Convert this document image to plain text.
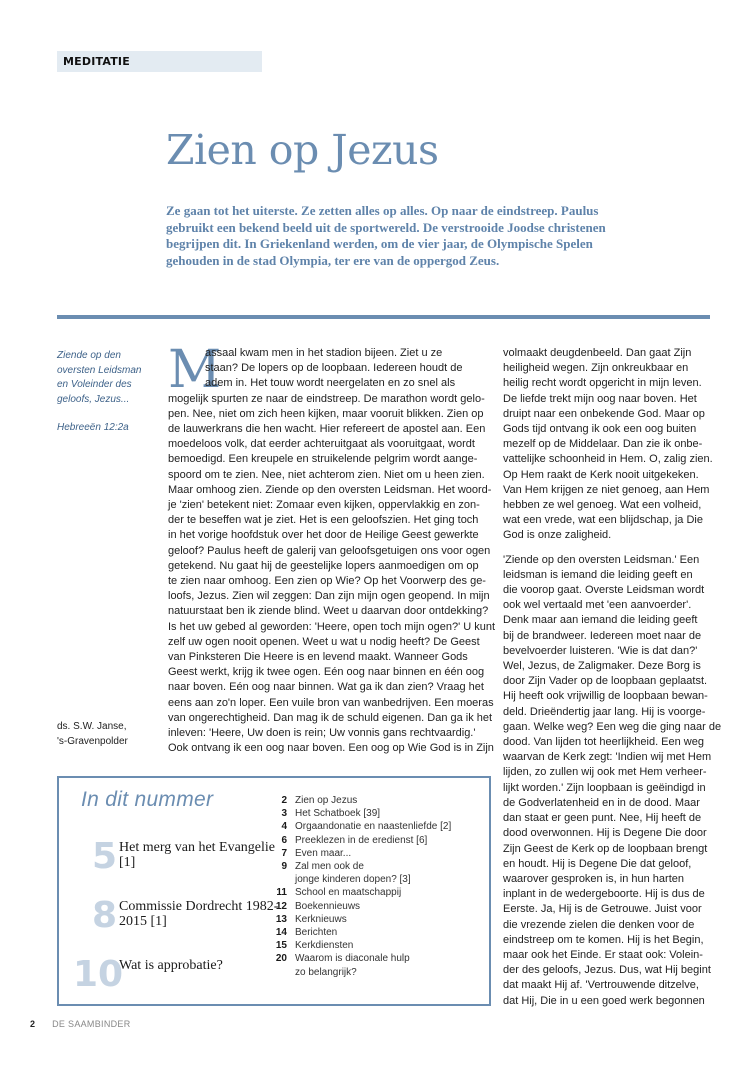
MEDITATIE
Zien op Jezus

Ze gaan tot het uiterste. Ze zetten alles op alles. Op naar de eindstreep. Paulus gebruikt een bekend beeld uit de sportwereld. De verstrooide Joodse christenen begrijpen dit. In Griekenland werden, om de vier jaar, de Olympische Spelen gehouden in de stad Olympia, ter ere van de oppergod Zeus.

Ziende op den
oversten Leidsman
en Voleinder des
geloofs, Jezus...
Hebreeën 12:2a
ds. S.W. Janse,
's-Gravenpolder
M
assaal kwam men in het stadion bijeen. Ziet u ze
staan? De lopers op de loopbaan. Iedereen houdt de
adem in. Het touw wordt neergelaten en zo snel als
mogelijk spurten ze naar de eindstreep. De marathon wordt gelo-
pen. Nee, niet om zich heen kijken, maar vooruit blikken. Zien op
de lauwerkrans die hen wacht. Hier refereert de apostel aan. Een
moedeloos volk, dat eerder achteruitgaat als vooruitgaat, wordt
bemoedigd. Een kreupele en struikelende pelgrim wordt aange-
spoord om te zien. Nee, niet achterom zien. Niet om u heen zien.
Maar omhoog zien. Ziende op den oversten Leidsman. Het woord-
je 'zien' betekent niet: Zomaar even kijken, oppervlakkig en zon-
der te beseffen wat je ziet. Het is een geloofszien. Het ging toch
in het vorige hoofdstuk over het door de Heilige Geest gewerkte
geloof? Paulus heeft de galerij van geloofsgetuigen ons voor ogen
getekend. Nu gaat hij de geestelijke lopers aanmoedigen om op
te zien naar omhoog. Een zien op Wie? Op het Voorwerp des ge-
loofs, Jezus. Zien wil zeggen: Dan zijn mijn ogen geopend. In mijn
natuurstaat ben ik ziende blind. Weet u daarvan door ontdekking?
Is het uw gebed al geworden: 'Heere, open toch mijn ogen?' U kunt
zelf uw ogen nooit openen. Weet u wat u nodig heeft? De Geest
van Pinksteren Die Heere is en levend maakt. Wanneer Gods
Geest werkt, krijg ik twee ogen. Eén oog naar binnen en één oog
naar boven. Eén oog naar binnen. Wat ga ik dan zien? Vraag het
eens aan zo'n loper. Een vuile bron van wanbedrijven. Een moeras
van ongerechtigheid. Dan mag ik de schuld eigenen. Dan ga ik het
inleven: 'Heere, Uw doen is rein; Uw vonnis gans rechtvaardig.'
Ook ontvang ik een oog naar boven. Een oog op Wie God is in Zijn
volmaakt deugdenbeeld. Dan gaat Zijn
heiligheid wegen. Zijn onkreukbaar en
heilig recht wordt opgericht in mijn leven.
De liefde trekt mijn oog naar boven. Het
druipt naar een onbekende God. Maar op
Gods tijd ontvang ik ook een oog buiten
mezelf op de Middelaar. Dan zie ik onbe-
vattelijke schoonheid in Hem. O, zalig zien.
Op Hem raakt de Kerk nooit uitgekeken.
Van Hem krijgen ze niet genoeg, aan Hem
hebben ze wel genoeg. Wat een volheid,
wat een vrede, wat een blijdschap, ja Die
God is onze zaligheid.
'Ziende op den oversten Leidsman.' Een
leidsman is iemand die leiding geeft en
die voorop gaat. Overste Leidsman wordt
ook wel vertaald met 'een aanvoerder'.
Denk maar aan iemand die leiding geeft
bij de brandweer. Iedereen moet naar de
bevelvoerder luisteren. 'Wie is dat dan?'
Wel, Jezus, de Zaligmaker. Deze Borg is
door Zijn Vader op de loopbaan geplaatst.
Hij heeft ook vrijwillig de loopbaan bewan-
deld. Drieëndertig jaar lang. Hij is voorge-
gaan. Welke weg? Een weg die ging naar de
dood. Van lijden tot heerlijkheid. Een weg
waarvan de Kerk zegt: 'Indien wij met Hem
lijden, zo zullen wij ook met Hem verheer-
lijkt worden.' Zijn loopbaan is geëindigd in
de Godverlatenheid en in de dood. Maar
dan staat er geen punt. Nee, Hij heeft de
dood overwonnen. Hij is Degene Die door
Zijn Geest de Kerk op de loopbaan brengt
en houdt. Hij is Degene Die dat geloof,
waarover gesproken is, in hun harten
inplant in de wedergeboorte. Hij is dus de
Eerste. Ja, Hij is de Getrouwe. Juist voor
die vrezende zielen die denken voor de
eindstreep om te komen. Hij is het Begin,
maar ook het Einde. Er staat ook: Volein-
der des geloofs, Jezus. Dus, wat Hij begint
dat maakt Hij af. 'Vertrouwende ditzelve,
dat Hij, Die in u een goed werk begonnen
In dit nummer
5 Het merg van het Evangelie [1]
8 Commissie Dordrecht 1982-2015 [1]
10
Wat is approbatie?
2 Zien op Jezus
3 Het Schatboek [39]
4 Orgaandonatie en naastenliefde [2]
6 Preeklezen in de eredienst [6]
7 Even maar...
9 Zal men ook de
jonge kinderen dopen? [3]
11 School en maatschappij
12 Boekennieuws
13 Kerknieuws
14 Berichten
15 Kerkdiensten
20 Waarom is diaconale hulp
zo belangrijk?
2 DE SAAMBINDER
